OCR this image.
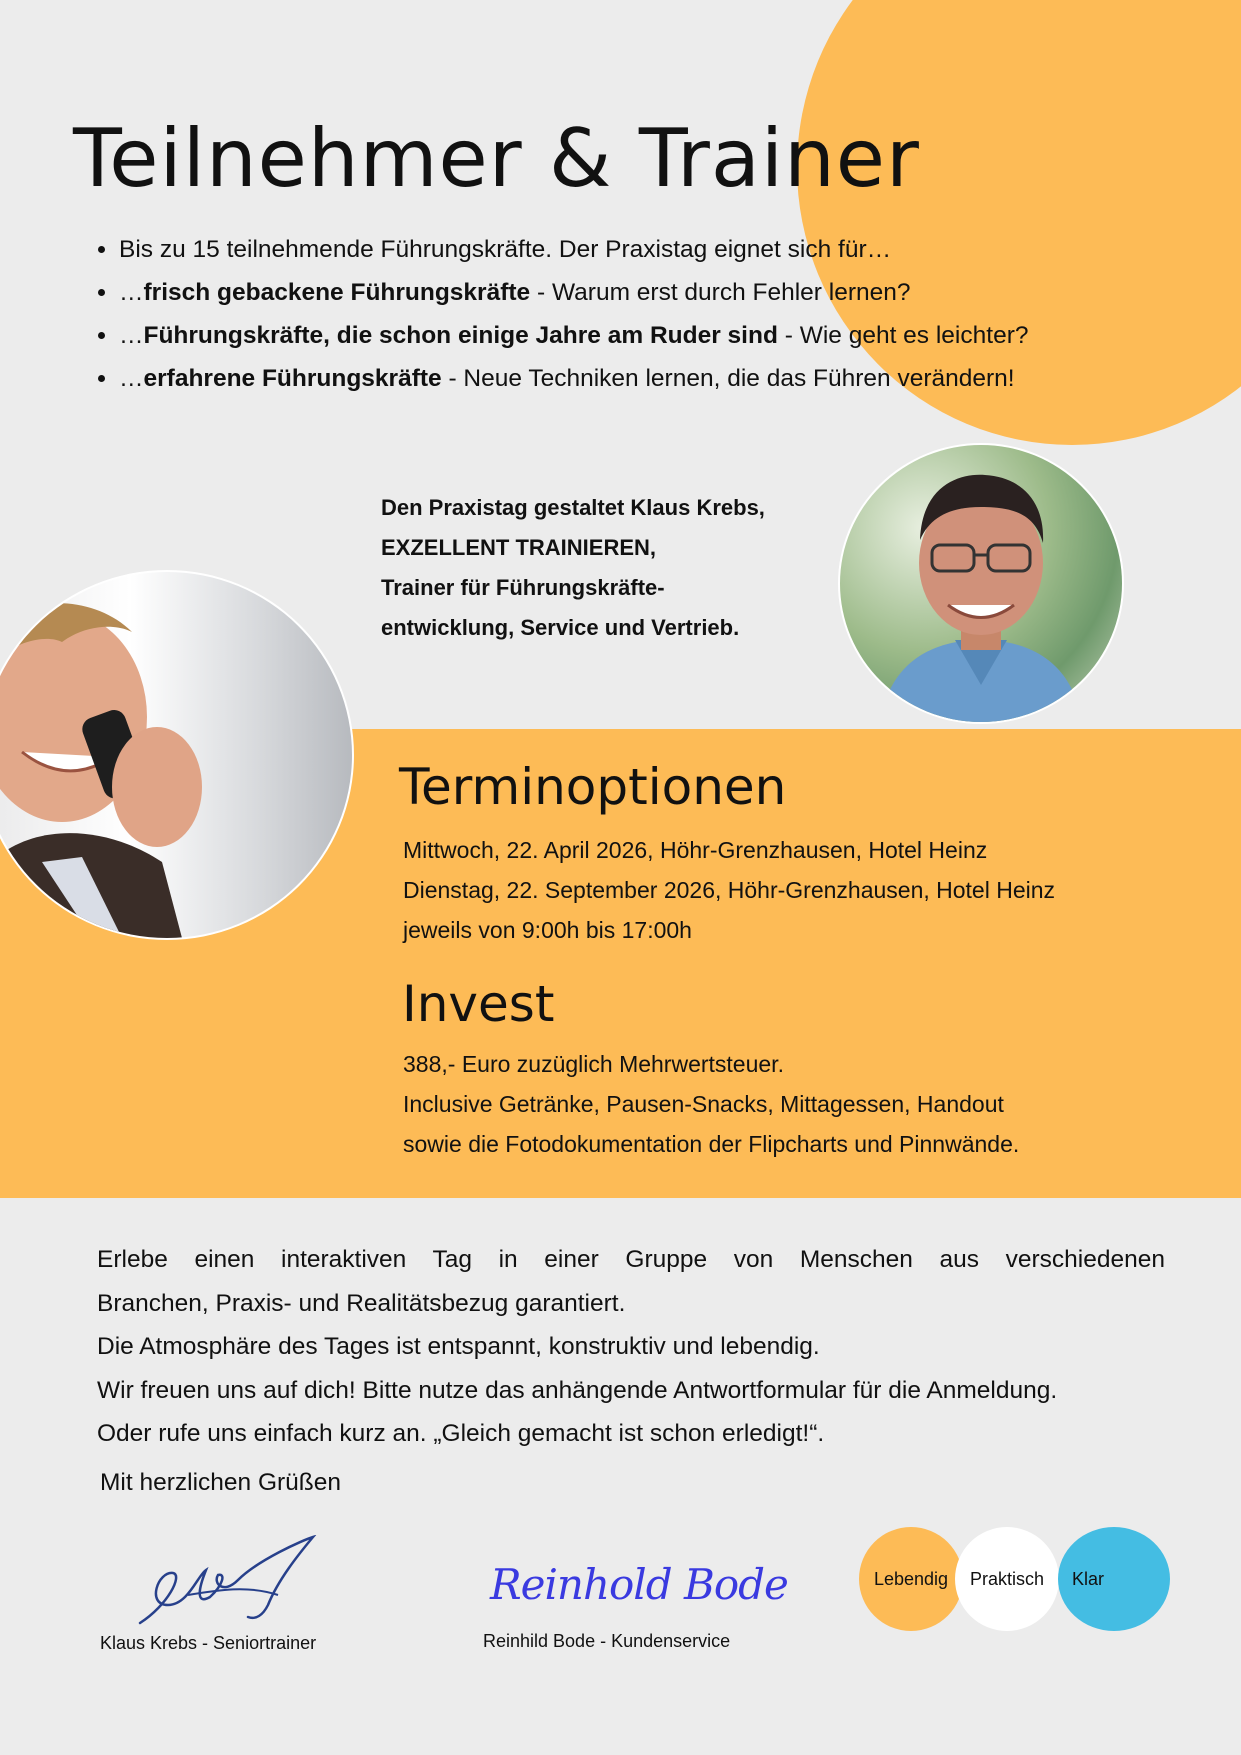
Teilnehmer & Trainer
• Bis zu 15 teilnehmende Führungskräfte. Der Praxistag eignet sich für…
• …frisch gebackene Führungskräfte - Warum erst durch Fehler lernen?
• …Führungskräfte, die schon einige Jahre am Ruder sind - Wie geht es leichter?
• …erfahrene Führungskräfte - Neue Techniken lernen, die das Führen verändern!
Den Praxistag gestaltet Klaus Krebs,
EXZELLENT TRAINIEREN,
Trainer für Führungskräfte-
entwicklung, Service und Vertrieb.
Terminoptionen
Mittwoch, 22. April 2026, Höhr-Grenzhausen, Hotel Heinz
Dienstag, 22. September 2026, Höhr-Grenzhausen, Hotel Heinz
jeweils von 9:00h bis 17:00h
Invest
388,- Euro zuzüglich Mehrwertsteuer.
Inclusive Getränke, Pausen-Snacks, Mittagessen, Handout
sowie die Fotodokumentation der Flipcharts und Pinnwände.

Erlebe einen interaktiven Tag in einer Gruppe von Menschen aus verschiedenen

Branchen, Praxis- und Realitätsbezug garantiert.

Die Atmosphäre des Tages ist entspannt, konstruktiv und lebendig.

Wir freuen uns auf dich! Bitte nutze das anhängende Antwortformular für die Anmeldung.

Oder rufe uns einfach kurz an. „Gleich gemacht ist schon erledigt!“.

Mit herzlichen Grüßen
Klaus Krebs - Seniortrainer
Reinhold Bode
Reinhild Bode - Kundenservice
Lebendig Praktisch	Klar
